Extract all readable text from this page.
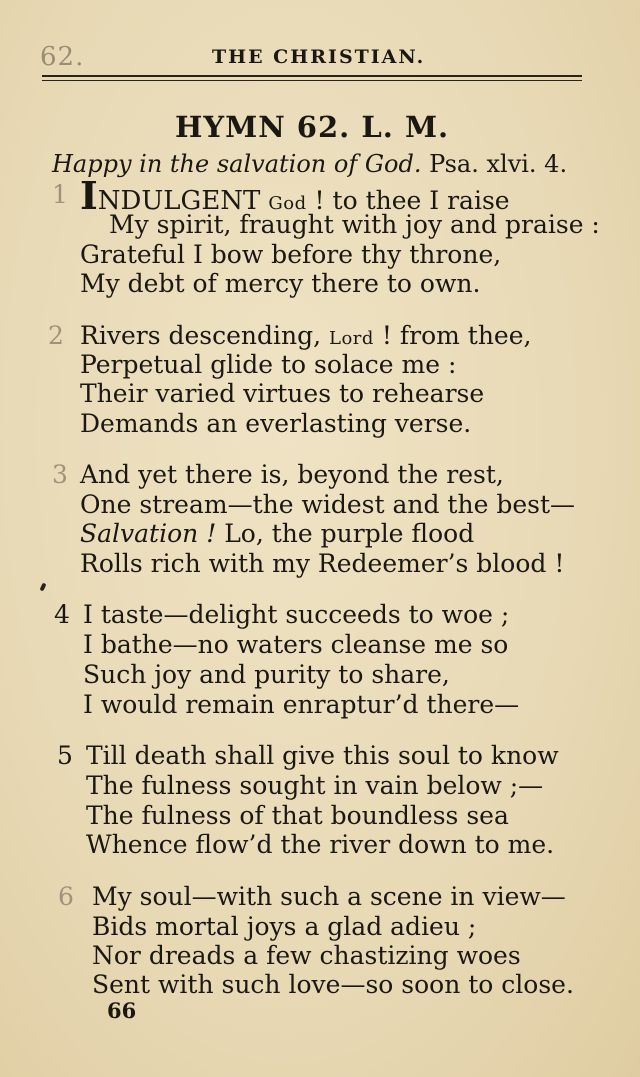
62.	THE CHRISTIAN.
HYMN 62. L. M.
Happy in the salvation of God. Psa. xlvi. 4.
1 INDULGENT God ! to thee I raise
My spirit, fraught with joy and praise :
Grateful I bow before thy throne,
My debt of mercy there to own.
2 Rivers descending, Lord ! from thee,
Perpetual glide to solace me :
Their varied virtues to rehearse
Demands an everlasting verse.
3 And yet there is, beyond the rest,
One stream—the widest and the best—
Salvation ! Lo, the purple flood
Rolls rich with my Redeemer’s blood !
4 I taste—delight succeeds to woe ;
I bathe—no waters cleanse me so
Such joy and purity to share,
I would remain enraptur’d there—
5 Till death shall give this soul to know
The fulness sought in vain below ;—
The fulness of that boundless sea
Whence flow’d the river down to me.
6 My soul—with such a scene in view—
Bids mortal joys a glad adieu ;
Nor dreads a few chastizing woes
Sent with such love—so soon to close.
66
